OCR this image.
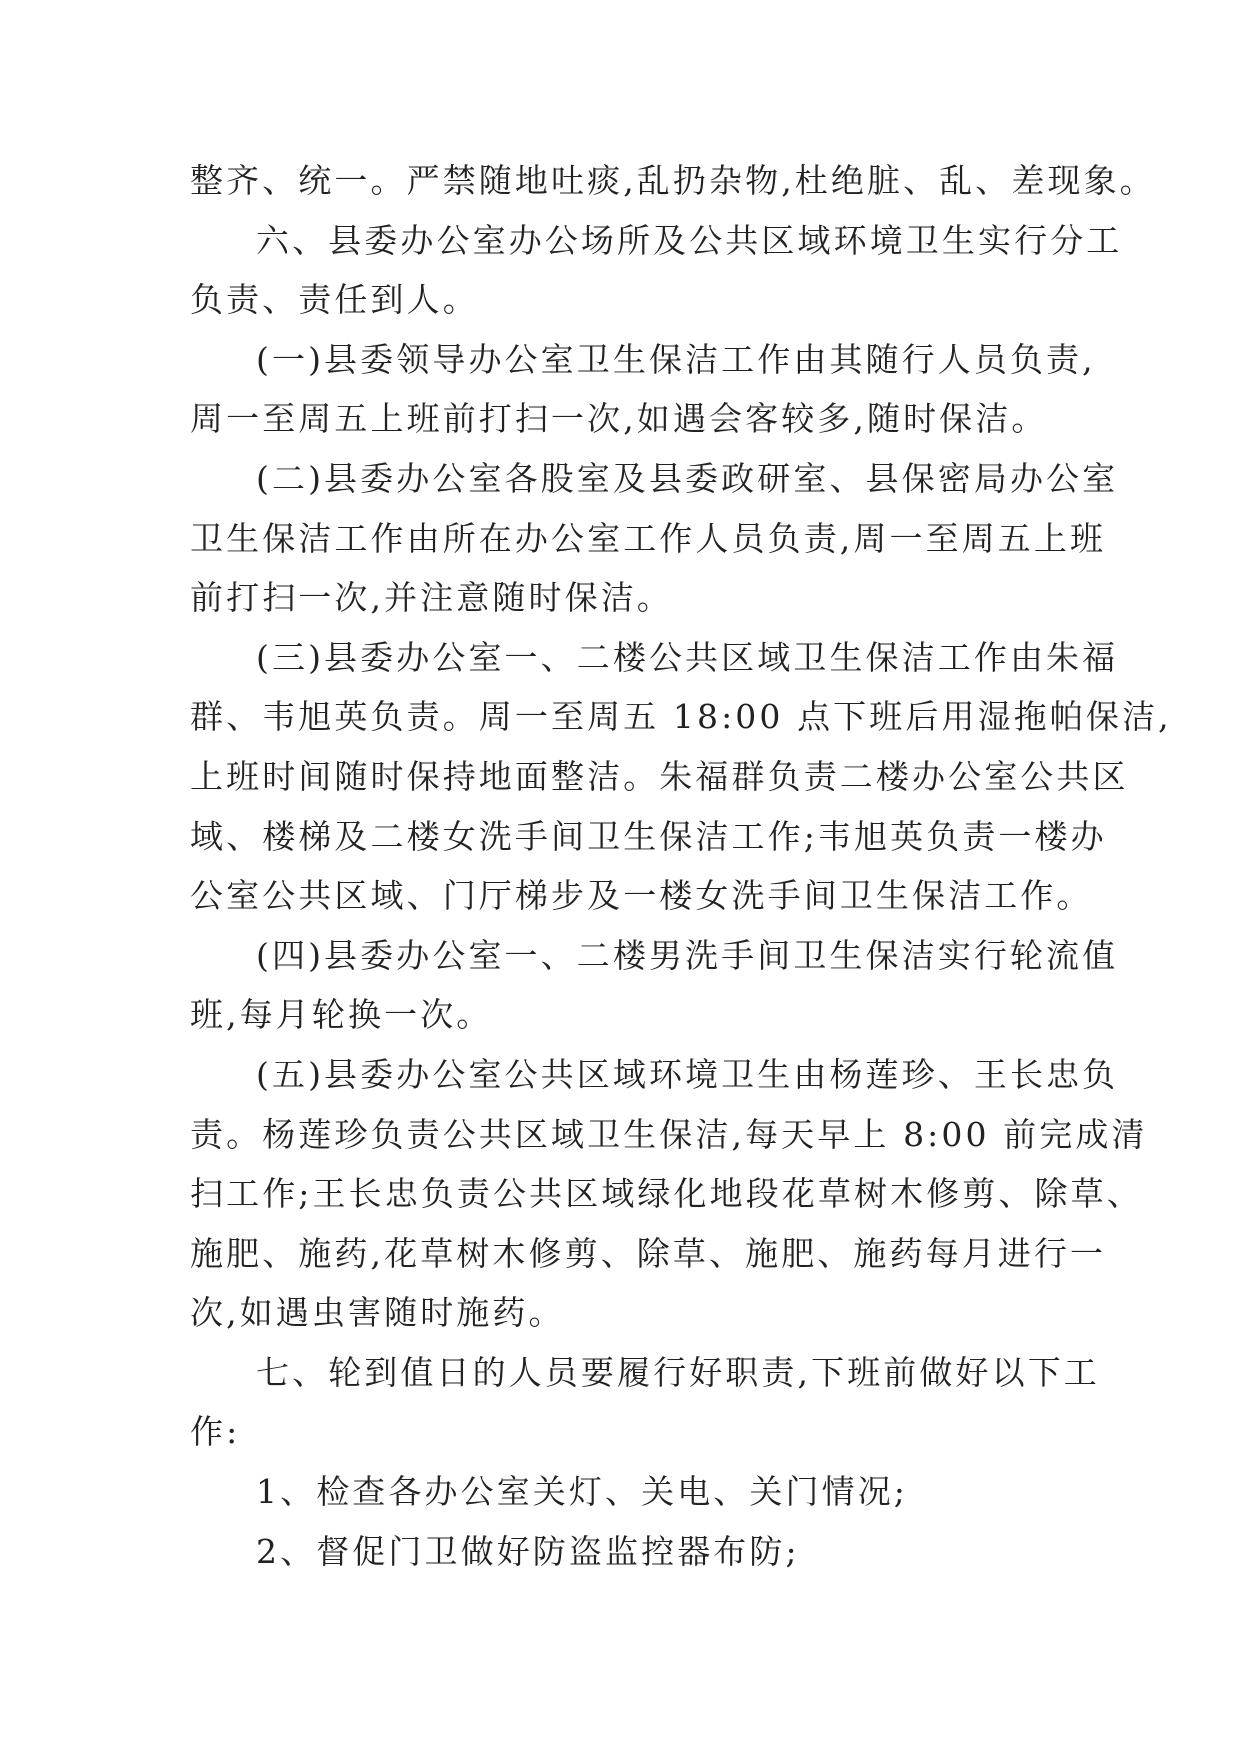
整齐、统一。严禁随地吐痰,乱扔杂物,杜绝脏、乱、差现象。
六、县委办公室办公场所及公共区域环境卫生实行分工
负责、责任到人。
(一)县委领导办公室卫生保洁工作由其随行人员负责,
周一至周五上班前打扫一次,如遇会客较多,随时保洁。
(二)县委办公室各股室及县委政研室、县保密局办公室
卫生保洁工作由所在办公室工作人员负责,周一至周五上班
前打扫一次,并注意随时保洁。
(三)县委办公室一、二楼公共区域卫生保洁工作由朱福
群、韦旭英负责。周一至周五 18:00 点下班后用湿拖帕保洁,
上班时间随时保持地面整洁。朱福群负责二楼办公室公共区
域、楼梯及二楼女洗手间卫生保洁工作;韦旭英负责一楼办
公室公共区域、门厅梯步及一楼女洗手间卫生保洁工作。
(四)县委办公室一、二楼男洗手间卫生保洁实行轮流值
班,每月轮换一次。
(五)县委办公室公共区域环境卫生由杨莲珍、王长忠负
责。杨莲珍负责公共区域卫生保洁,每天早上 8:00 前完成清
扫工作;王长忠负责公共区域绿化地段花草树木修剪、除草、
施肥、施药,花草树木修剪、除草、施肥、施药每月进行一
次,如遇虫害随时施药。
七、轮到值日的人员要履行好职责,下班前做好以下工
作:
1、检查各办公室关灯、关电、关门情况;
2、督促门卫做好防盗监控器布防;
